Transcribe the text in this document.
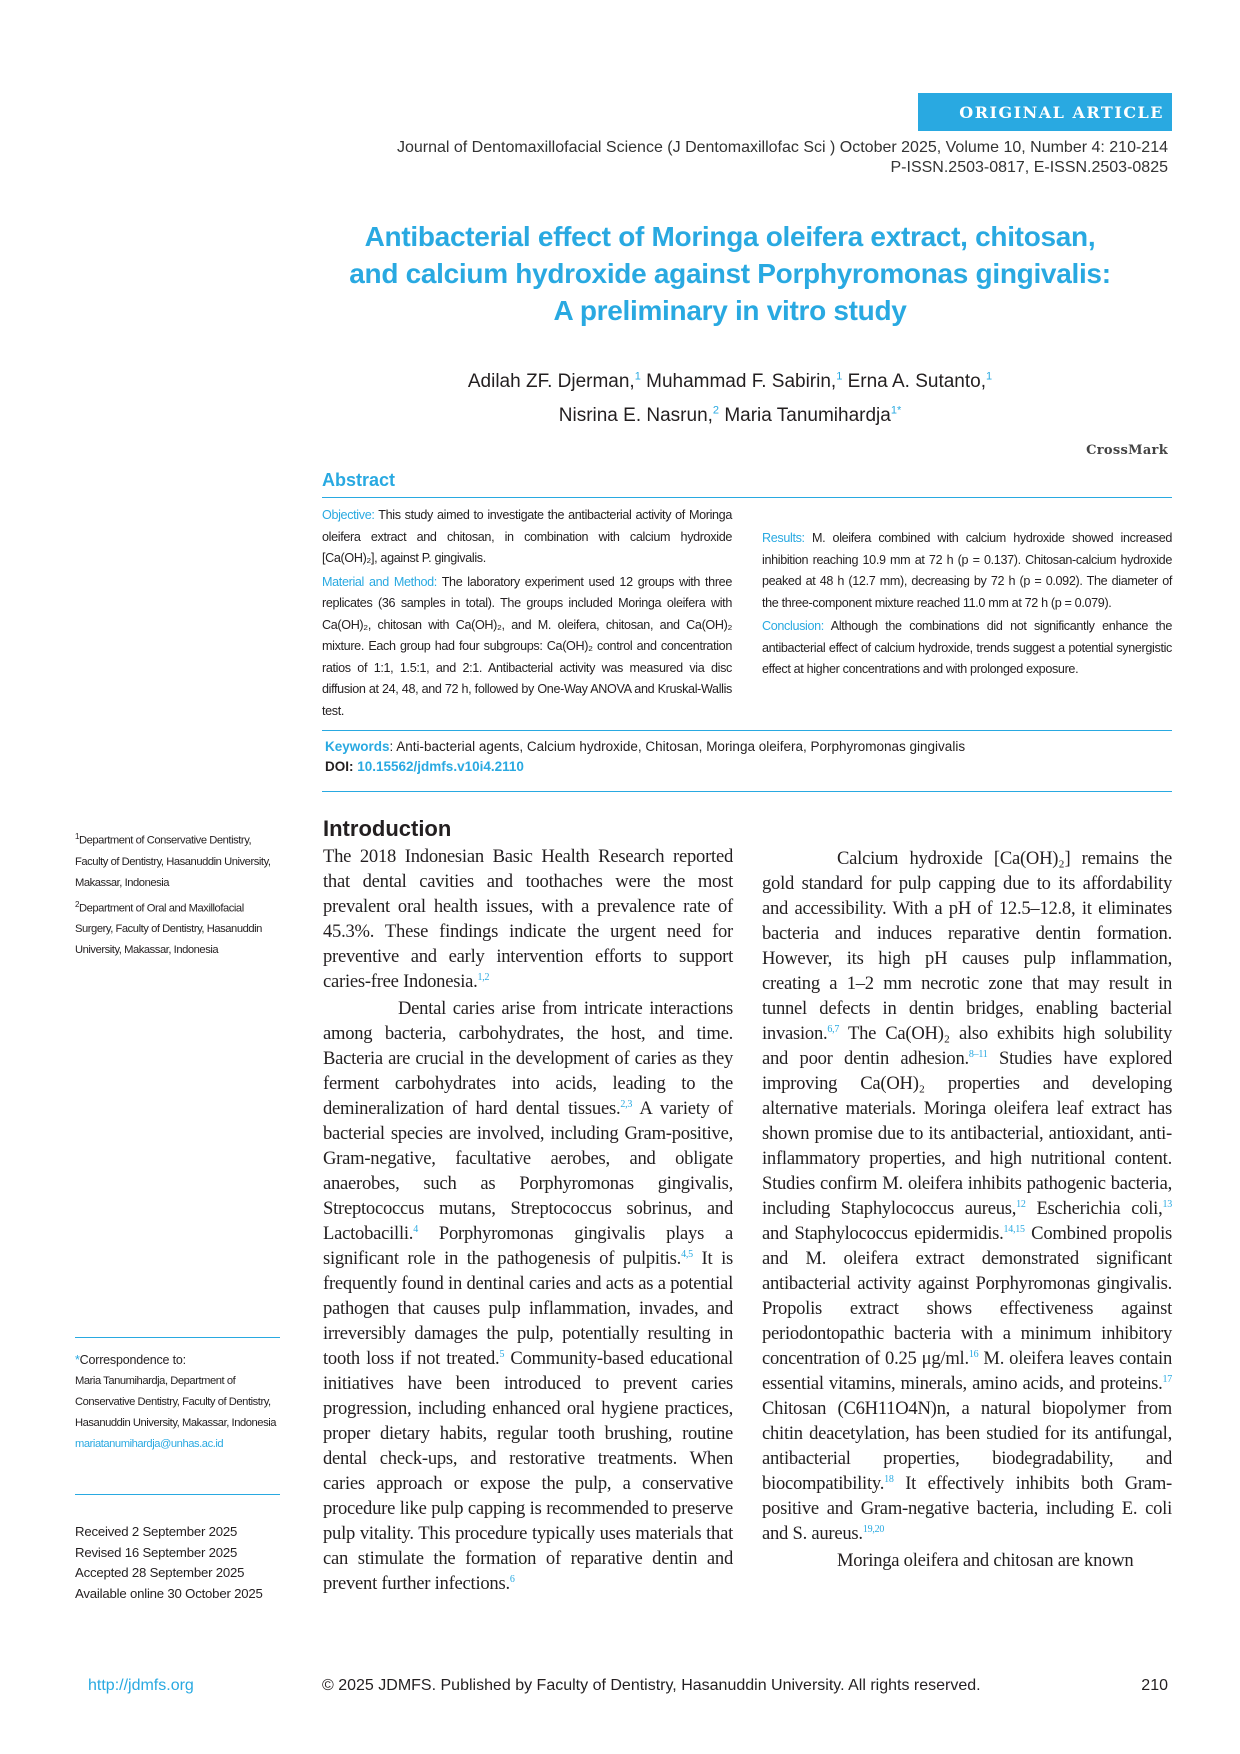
ORIGINAL ARTICLE
Journal of Dentomaxillofacial Science (J Dentomaxillofac Sci ) October 2025, Volume 10, Number 4: 210-214
P-ISSN.2503-0817, E-ISSN.2503-0825
Antibacterial effect of Moringa oleifera extract, chitosan,
and calcium hydroxide against Porphyromonas gingivalis:
A preliminary in vitro study
Adilah ZF. Djerman,$^1$ Muhammad F. Sabirin,$^1$ Erna A. Sutanto,$^1$
Nisrina E. Nasrun,$^2$ Maria Tanumihardja$^{1*}$
CrossMark
Abstract

Objective: This study aimed to investigate the antibacterial activity of Moringa oleifera extract and chitosan, in combination with calcium hydroxide [Ca(OH)₂], against P. gingivalis.

Material and Method: The laboratory experiment used 12 groups with three replicates (36 samples in total). The groups included Moringa oleifera with Ca(OH)₂, chitosan with Ca(OH)₂, and M. oleifera, chitosan, and Ca(OH)₂ mixture. Each group had four subgroups: Ca(OH)₂ control and concentration ratios of 1:1, 1.5:1, and 2:1. Antibacterial activity was measured via disc diffusion at 24, 48, and 72 h, followed by One-Way ANOVA and Kruskal-Wallis test.

Results: M. oleifera combined with calcium hydroxide showed increased inhibition reaching 10.9 mm at 72 h (p = 0.137). Chitosan-calcium hydroxide peaked at 48 h (12.7 mm), decreasing by 72 h (p = 0.092). The diameter of the three-component mixture reached 11.0 mm at 72 h (p = 0.079).

Conclusion: Although the combinations did not significantly enhance the antibacterial effect of calcium hydroxide, trends suggest a potential synergistic effect at higher concentrations and with prolonged exposure.

Keywords: Anti-bacterial agents, Calcium hydroxide, Chitosan, Moringa oleifera, Porphyromonas gingivalis
DOI: 10.15562/jdmfs.v10i4.2110

$^1$Department of Conservative Dentistry, Faculty of Dentistry, Hasanuddin University, Makassar, Indonesia

$^2$Department of Oral and Maxillofacial Surgery, Faculty of Dentistry, Hasanuddin University, Makassar, Indonesia

*Correspondence to:
Maria Tanumihardja, Department of Conservative Dentistry, Faculty of Dentistry, Hasanuddin University, Makassar, Indonesia
mariatanumihardja@unhas.ac.id
Received 2 September 2025
Revised 16 September 2025
Accepted 28 September 2025
Available online 30 October 2025
Introduction

The 2018 Indonesian Basic Health Research reported that dental cavities and toothaches were the most prevalent oral health issues, with a prevalence rate of 45.3%. These findings indicate the urgent need for preventive and early intervention efforts to support caries-free Indonesia.$^{1,2}$

Dental caries arise from intricate interactions among bacteria, carbohydrates, the host, and time. Bacteria are crucial in the development of caries as they ferment carbohydrates into acids, leading to the demineralization of hard dental tissues.$^{2,3}$ A variety of bacterial species are involved, including Gram-positive, Gram-negative, facultative aerobes, and obligate anaerobes, such as Porphyromonas gingivalis, Streptococcus mutans, Streptococcus sobrinus, and Lactobacilli.$^4$ Porphyromonas gingivalis plays a significant role in the pathogenesis of pulpitis.$^{4,5}$ It is frequently found in dentinal caries and acts as a potential pathogen that causes pulp inflammation, invades, and irreversibly damages the pulp, potentially resulting in tooth loss if not treated.$^5$ Community-based educational initiatives have been introduced to prevent caries progression, including enhanced oral hygiene practices, proper dietary habits, regular tooth brushing, routine dental check-ups, and restorative treatments. When caries approach or expose the pulp, a conservative procedure like pulp capping is recommended to preserve pulp vitality. This procedure typically uses materials that can stimulate the formation of reparative dentin and prevent further infections.$^6$

Calcium hydroxide [Ca(OH)₂] remains the gold standard for pulp capping due to its affordability and accessibility. With a pH of 12.5–12.8, it eliminates bacteria and induces reparative dentin formation. However, its high pH causes pulp inflammation, creating a 1–2 mm necrotic zone that may result in tunnel defects in dentin bridges, enabling bacterial invasion.$^{6,7}$ The Ca(OH)₂ also exhibits high solubility and poor dentin adhesion.$^{8-11}$ Studies have explored improving Ca(OH)₂ properties and developing alternative materials. Moringa oleifera leaf extract has shown promise due to its antibacterial, antioxidant, anti-inflammatory properties, and high nutritional content. Studies confirm M. oleifera inhibits pathogenic bacteria, including Staphylococcus aureus,$^{12}$ Escherichia coli,$^{13}$ and Staphylococcus epidermidis.$^{14,15}$ Combined propolis and M. oleifera extract demonstrated significant antibacterial activity against Porphyromonas gingivalis. Propolis extract shows effectiveness against periodontopathic bacteria with a minimum inhibitory concentration of 0.25 μg/ml.$^{16}$ M. oleifera leaves contain essential vitamins, minerals, amino acids, and proteins.$^{17}$ Chitosan (C6H11O4N)n, a natural biopolymer from chitin deacetylation, has been studied for its antifungal, antibacterial properties, biodegradability, and biocompatibility.$^{18}$ It effectively inhibits both Gram-positive and Gram-negative bacteria, including E. coli and S. aureus.$^{19,20}$

Moringa oleifera and chitosan are known

http://jdmfs.org	© 2025 JDMFS. Published by Faculty of Dentistry, Hasanuddin University. All rights reserved.	210
